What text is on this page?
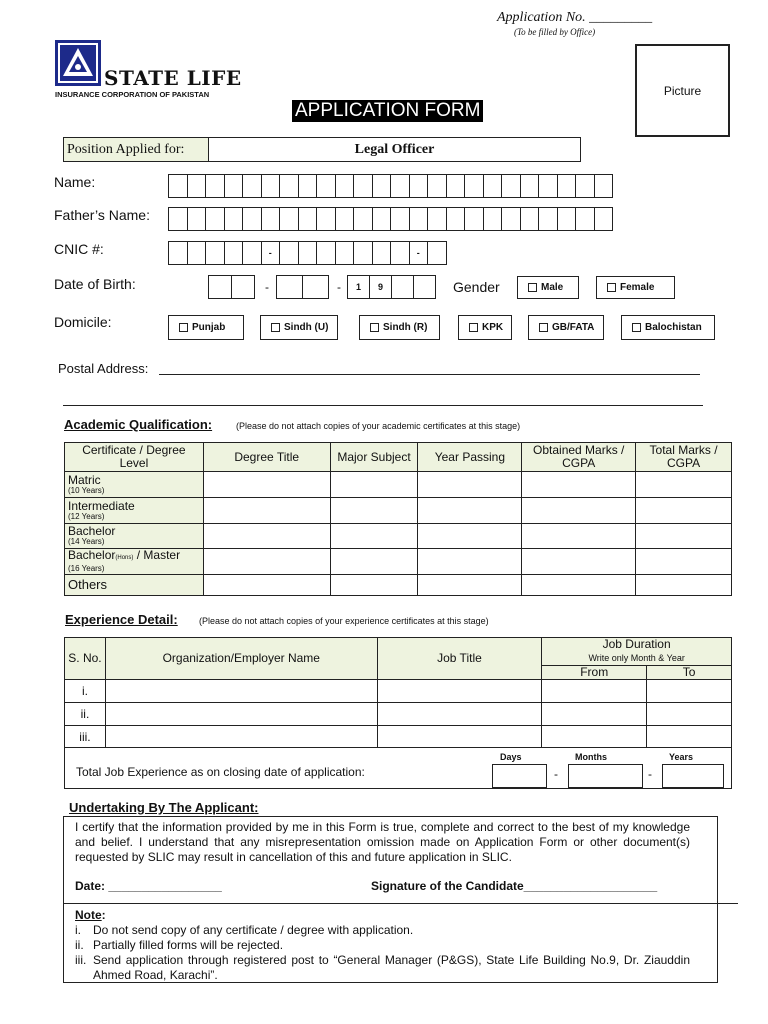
Application No. _________
(To be filled by Office)
STATE LIFE
INSURANCE CORPORATION OF PAKISTAN
APPLICATION FORM
Picture
Position Applied for:	Legal Officer
Name:
Father’s Name:
CNIC #:	-	-
Date of Birth:	-	-	1	9	Gender	Male	Female
Domicile:	Punjab	Sindh (U)	Sindh (R)	KPK	GB/FATA	Balochistan
Postal Address:
Academic Qualification:	(Please do not attach copies of your academic certificates at this stage)
Certificate / Degree Level	Degree Title	Major Subject	Year Passing	Obtained Marks / CGPA	Total Marks / CGPA
Matric
(10 Years)					

Intermediate
(12 Years)					

Bachelor
(14 Years)					

Bachelor(Hons) / Master
(16 Years)					

Others					
Experience Detail: (Please do not attach copies of your experience certificates at this stage)
S. No.	Organization/Employer Name	Job Title	Job Duration
Write only Month & Year	
			From	To
i.				
ii.				
iii.				

Total Job Experience as on closing date of application:
Days	Months	Years
-	-
Undertaking By The Applicant:
I certify that the information provided by me in this Form is true, complete and correct to the best of my knowledge and belief. I understand that any misrepresentation omission made on Application Form or other document(s) requested by SLIC may result in cancellation of this and future application in SLIC.
Date: _________________	Signature of the Candidate____________________
Note:
i.	Do not send copy of any certificate / degree with application.
ii. Partially filled forms will be rejected.
iii. Send application through registered post to “General Manager (P&GS), State Life Building No.9, Dr. Ziauddin Ahmed Road, Karachi”.
